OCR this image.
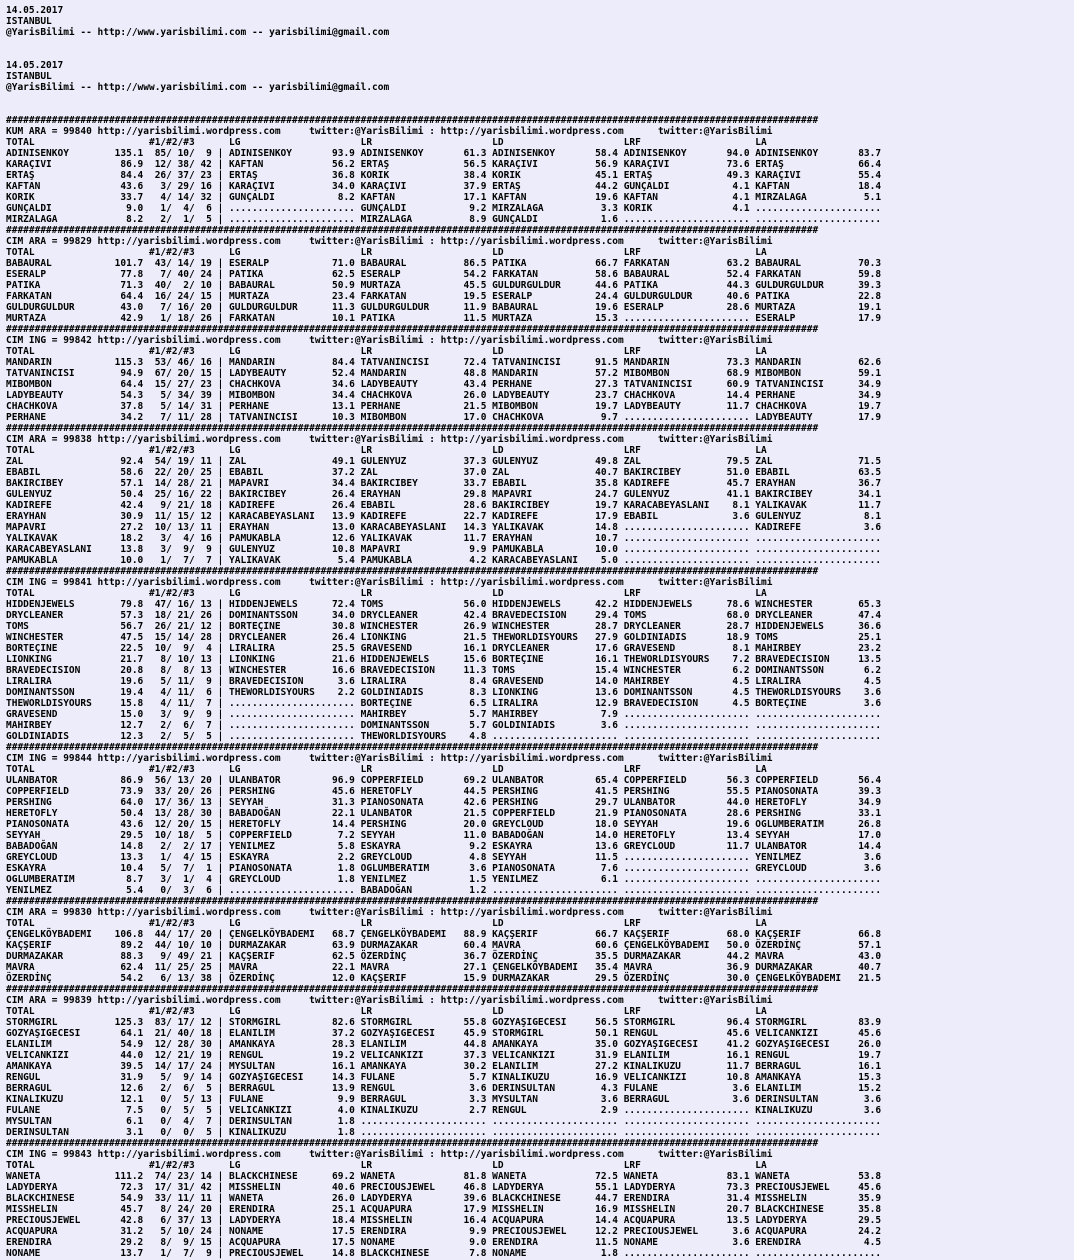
14.05.2017
ISTANBUL
@YarisBilimi -- http://www.yarisbilimi.com -- yarisbilimi@gmail.com
14.05.2017
ISTANBUL
@YarisBilimi -- http://www.yarisbilimi.com -- yarisbilimi@gmail.com
##############################################################################################################################################
KUM ARA = 99840 http://yarisbilimi.wordpress.com     twitter:@YarisBilimi : http://yarisbilimi.wordpress.com      twitter:@YarisBilimi
TOTAL                    #1/#2/#3      LG                     LR                     LD                     LRF                    LA
ADINISENKOY        135.1  85/ 10/  9 | ADINISENKOY       93.9 ADINISENKOY       61.3 ADINISENKOY       58.4 ADINISENKOY       94.0 ADINISENKOY       83.7
KARAÇIVI            86.9  12/ 38/ 42 | KAFTAN            56.2 ERTAŞ             56.5 KARAÇIVI          56.9 KARAÇIVI          73.6 ERTAŞ             66.4
ERTAŞ               84.4  26/ 37/ 23 | ERTAŞ             36.8 KORIK             38.4 KORIK             45.1 ERTAŞ             49.3 KARAÇIVI          55.4
KAFTAN              43.6   3/ 29/ 16 | KARAÇIVI          34.0 KARAÇIVI          37.9 ERTAŞ             44.2 GUNÇALDI           4.1 KAFTAN            18.4
KORIK               33.7   4/ 14/ 32 | GUNÇALDI           8.2 KAFTAN            17.1 KAFTAN            19.6 KAFTAN             4.1 MIRZALAGA          5.1
GUNÇALDI             9.0   1/  4/  6 | ...................... GUNÇALDI           9.2 MIRZALAGA          3.3 KORIK              4.1 ......................
MIRZALAGA            8.2   2/  1/  5 | ...................... MIRZALAGA          8.9 GUNÇALDI           1.6 ...................... ......................
##############################################################################################################################################
CIM ARA = 99829 http://yarisbilimi.wordpress.com     twitter:@YarisBilimi : http://yarisbilimi.wordpress.com      twitter:@YarisBilimi
TOTAL                    #1/#2/#3      LG                     LR                     LD                     LRF                    LA
BABAURAL           101.7  43/ 14/ 19 | ESERALP           71.0 BABAURAL          86.5 PATIKA            66.7 FARKATAN          63.2 BABAURAL          70.3
ESERALP             77.8   7/ 40/ 24 | PATIKA            62.5 ESERALP           54.2 FARKATAN          58.6 BABAURAL          52.4 FARKATAN          59.8
PATIKA              71.3  40/  2/ 10 | BABAURAL          50.9 MURTAZA           45.5 GULDURGULDUR      44.6 PATIKA            44.3 GULDURGULDUR      39.3
FARKATAN            64.4  16/ 24/ 15 | MURTAZA           23.4 FARKATAN          19.5 ESERALP           24.4 GULDURGULDUR      40.6 PATIKA            22.8
GULDURGULDUR        43.0   7/ 16/ 20 | GULDURGULDUR      11.3 GULDURGULDUR      11.9 BABAURAL          19.6 ESERALP           28.6 MURTAZA           19.1
MURTAZA             42.9   1/ 18/ 26 | FARKATAN          10.1 PATIKA            11.5 MURTAZA           15.3 ...................... ESERALP           17.9
##############################################################################################################################################
CIM ING = 99842 http://yarisbilimi.wordpress.com     twitter:@YarisBilimi : http://yarisbilimi.wordpress.com      twitter:@YarisBilimi
TOTAL                    #1/#2/#3      LG                     LR                     LD                     LRF                    LA
MANDARIN           115.3  53/ 46/ 16 | MANDARIN          84.4 TATVANINCISI      72.4 TATVANINCISI      91.5 MANDARIN          73.3 MANDARIN          62.6
TATVANINCISI        94.9  67/ 20/ 15 | LADYBEAUTY        52.4 MANDARIN          48.8 MANDARIN          57.2 MIBOMBON          68.9 MIBOMBON          59.1
MIBOMBON            64.4  15/ 27/ 23 | CHACHKOVA         34.6 LADYBEAUTY        43.4 PERHANE           27.3 TATVANINCISI      60.9 TATVANINCISI      34.9
LADYBEAUTY          54.3   5/ 34/ 39 | MIBOMBON          34.4 CHACHKOVA         26.0 LADYBEAUTY        23.7 CHACHKOVA         14.4 PERHANE           34.9
CHACHKOVA           37.8   5/ 14/ 31 | PERHANE           13.1 PERHANE           21.5 MIBOMBON          19.7 LADYBEAUTY        11.7 CHACHKOVA         19.7
PERHANE             34.2   7/ 11/ 28 | TATVANINCISI      10.3 MIBOMBON          17.0 CHACHKOVA          9.7 ...................... LADYBEAUTY        17.9
##############################################################################################################################################
CIM ARA = 99838 http://yarisbilimi.wordpress.com     twitter:@YarisBilimi : http://yarisbilimi.wordpress.com      twitter:@YarisBilimi
TOTAL                    #1/#2/#3      LG                     LR                     LD                     LRF                    LA
ZAL                 92.4  54/ 19/ 11 | ZAL               49.1 GULENYUZ          37.3 GULENYUZ          49.8 ZAL               79.5 ZAL               71.5
EBABIL              58.6  22/ 20/ 25 | EBABIL            37.2 ZAL               37.0 ZAL               40.7 BAKIRCIBEY        51.0 EBABIL            63.5
BAKIRCIBEY          57.1  14/ 28/ 21 | MAPAVRI           34.4 BAKIRCIBEY        33.7 EBABIL            35.8 KADIREFE          45.7 ERAYHAN           36.7
GULENYUZ            50.4  25/ 16/ 22 | BAKIRCIBEY        26.4 ERAYHAN           29.8 MAPAVRI           24.7 GULENYUZ          41.1 BAKIRCIBEY        34.1
KADIREFE            42.4   9/ 21/ 18 | KADIREFE          26.4 EBABIL            28.6 BAKIRCIBEY        19.7 KARACABEYASLANI    8.1 YALIKAVAK         11.7
ERAYHAN             30.9  11/ 15/ 12 | KARACABEYASLANI   13.9 KADIREFE          22.7 KADIREFE          17.9 EBABIL             3.6 GULENYUZ           8.1
MAPAVRI             27.2  10/ 13/ 11 | ERAYHAN           13.0 KARACABEYASLANI   14.3 YALIKAVAK         14.8 ...................... KADIREFE           3.6
YALIKAVAK           18.2   3/  4/ 16 | PAMUKABLA         12.6 YALIKAVAK         11.7 ERAYHAN           10.7 ...................... ......................
KARACABEYASLANI     13.8   3/  9/  9 | GULENYUZ          10.8 MAPAVRI            9.9 PAMUKABLA         10.0 ...................... ......................
PAMUKABLA           10.0   1/  7/  7 | YALIKAVAK          5.4 PAMUKABLA          4.2 KARACABEYASLANI    5.0 ...................... ......................
##############################################################################################################################################
CIM ING = 99841 http://yarisbilimi.wordpress.com     twitter:@YarisBilimi : http://yarisbilimi.wordpress.com      twitter:@YarisBilimi
TOTAL                    #1/#2/#3      LG                     LR                     LD                     LRF                    LA
HIDDENJEWELS        79.8  47/ 16/ 13 | HIDDENJEWELS      72.4 TOMS              56.0 HIDDENJEWELS      42.2 HIDDENJEWELS      78.6 WINCHESTER        65.3
DRYCLEANER          57.3  18/ 21/ 26 | DOMINANTSSON      34.0 DRYCLEANER        42.4 BRAVEDECISION     29.4 TOMS              68.0 DRYCLEANER        47.4
TOMS                56.7  26/ 21/ 12 | BORTEÇINE         30.8 WINCHESTER        26.9 WINCHESTER        28.7 DRYCLEANER        28.7 HIDDENJEWELS      36.6
WINCHESTER          47.5  15/ 14/ 28 | DRYCLEANER        26.4 LIONKING          21.5 THEWORLDISYOURS   27.9 GOLDINIADIS       18.9 TOMS              25.1
BORTEÇINE           22.5  10/  9/  4 | LIRALIRA          25.5 GRAVESEND         16.1 DRYCLEANER        17.6 GRAVESEND          8.1 MAHIRBEY          23.2
LIONKING            21.7   8/ 10/ 13 | LIONKING          21.6 HIDDENJEWELS      15.6 BORTEÇINE         16.1 THEWORLDISYOURS    7.2 BRAVEDECISION     13.5
BRAVEDECISION       20.8   8/  8/ 13 | WINCHESTER        16.6 BRAVEDECISION     11.3 TOMS              15.4 WINCHESTER         6.2 DOMINANTSSON       6.2
LIRALIRA            19.6   5/ 11/  9 | BRAVEDECISION      3.6 LIRALIRA           8.4 GRAVESEND         14.0 MAHIRBEY           4.5 LIRALIRA           4.5
DOMINANTSSON        19.4   4/ 11/  6 | THEWORLDISYOURS    2.2 GOLDINIADIS        8.3 LIONKING          13.6 DOMINANTSSON       4.5 THEWORLDISYOURS    3.6
THEWORLDISYOURS     15.8   4/ 11/  7 | ...................... BORTEÇINE          6.5 LIRALIRA          12.9 BRAVEDECISION      4.5 BORTEÇINE          3.6
GRAVESEND           15.0   3/  9/  9 | ...................... MAHIRBEY           5.7 MAHIRBEY           7.9 ...................... ......................
MAHIRBEY            12.7   2/  6/  7 | ...................... DOMINANTSSON       5.7 GOLDINIADIS        3.6 ...................... ......................
GOLDINIADIS         12.3   2/  5/  5 | ...................... THEWORLDISYOURS    4.8 ...................... ...................... ......................
##############################################################################################################################################
CIM ING = 99844 http://yarisbilimi.wordpress.com     twitter:@YarisBilimi : http://yarisbilimi.wordpress.com      twitter:@YarisBilimi
TOTAL                    #1/#2/#3      LG                     LR                     LD                     LRF                    LA
ULANBATOR           86.9  56/ 13/ 20 | ULANBATOR         96.9 COPPERFIELD       69.2 ULANBATOR         65.4 COPPERFIELD       56.3 COPPERFIELD       56.4
COPPERFIELD         73.9  33/ 20/ 26 | PERSHING          45.6 HERETOFLY         44.5 PERSHING          41.5 PERSHING          55.5 PIANOSONATA       39.3
PERSHING            64.0  17/ 36/ 13 | SEYYAH            31.3 PIANOSONATA       42.6 PERSHING          29.7 ULANBATOR         44.0 HERETOFLY         34.9
HERETOFLY           50.4  13/ 28/ 30 | BABADOĞAN         22.1 ULANBATOR         21.5 COPPERFIELD       21.9 PIANOSONATA       28.6 PERSHING          33.1
PIANOSONATA         43.6  12/ 20/ 15 | HERETOFLY         14.4 PERSHING          20.0 GREYCLOUD         18.0 SEYYAH            19.6 OGLUMBERATIM      26.8
SEYYAH              29.5  10/ 18/  5 | COPPERFIELD        7.2 SEYYAH            11.0 BABADOĞAN         14.0 HERETOFLY         13.4 SEYYAH            17.0
BABADOĞAN           14.8   2/  2/ 17 | YENILMEZ           5.8 ESKAYRA            9.2 ESKAYRA           13.6 GREYCLOUD         11.7 ULANBATOR         14.4
GREYCLOUD           13.3   1/  4/ 15 | ESKAYRA            2.2 GREYCLOUD          4.8 SEYYAH            11.5 ...................... YENILMEZ           3.6
ESKAYRA             10.4   5/  7/  1 | PIANOSONATA        1.8 OGLUMBERATIM       3.6 PIANOSONATA        7.6 ...................... GREYCLOUD          3.6
OGLUMBERATIM         8.7   3/  1/  4 | GREYCLOUD          1.8 YENILMEZ           1.5 YENILMEZ           6.1 ...................... ......................
YENILMEZ             5.4   0/  3/  6 | ...................... BABADOĞAN          1.2 ...................... ...................... ......................
##############################################################################################################################################
CIM ARA = 99830 http://yarisbilimi.wordpress.com     twitter:@YarisBilimi : http://yarisbilimi.wordpress.com      twitter:@YarisBilimi
TOTAL                    #1/#2/#3      LG                     LR                     LD                     LRF                    LA
ÇENGELKÖYBADEMI    106.8  44/ 17/ 20 | ÇENGELKÖYBADEMI   68.7 ÇENGELKÖYBADEMI   88.9 KAÇŞERIF          66.7 KAÇŞERIF          68.0 KAÇŞERIF          66.8
KAÇŞERIF            89.2  44/ 10/ 10 | DURMAZAKAR        63.9 DURMAZAKAR        60.4 MAVRA             60.6 ÇENGELKÖYBADEMI   50.0 ÖZERDİNÇ          57.1
DURMAZAKAR          88.3   9/ 49/ 21 | KAÇŞERIF          62.5 ÖZERDİNÇ          36.7 ÖZERDİNÇ          35.5 DURMAZAKAR        44.2 MAVRA             43.0
MAVRA               62.4  11/ 25/ 25 | MAVRA             22.1 MAVRA             27.1 ÇENGELKÖYBADEMI   35.4 MAVRA             36.9 DURMAZAKAR        40.7
ÖZERDİNÇ            54.2   6/ 13/ 38 | ÖZERDİNÇ          12.0 KAÇŞERIF          15.9 DURMAZAKAR        29.5 ÖZERDİNÇ          30.0 ÇENGELKÖYBADEMI   21.5
##############################################################################################################################################
CIM ARA = 99839 http://yarisbilimi.wordpress.com     twitter:@YarisBilimi : http://yarisbilimi.wordpress.com      twitter:@YarisBilimi
TOTAL                    #1/#2/#3      LG                     LR                     LD                     LRF                    LA
STORMGIRL          125.3  83/ 17/ 12 | STORMGIRL         82.6 STORMGIRL         55.8 GOZYAŞIGECESI     56.5 STORMGIRL         96.4 STORMGIRL         83.9
GOZYAŞIGECESI       64.1  21/ 40/ 18 | ELANILIM          37.2 GOZYAŞIGECESI     45.9 STORMGIRL         50.1 RENGUL            45.6 VELICANKIZI       45.6
ELANILIM            54.9  12/ 28/ 30 | AMANKAYA          28.3 ELANILIM          44.8 AMANKAYA          35.0 GOZYAŞIGECESI     41.2 GOZYAŞIGECESI     26.0
VELICANKIZI         44.0  12/ 21/ 19 | RENGUL            19.2 VELICANKIZI       37.3 VELICANKIZI       31.9 ELANILIM          16.1 RENGUL            19.7
AMANKAYA            39.5  14/ 17/ 24 | MYSULTAN          16.1 AMANKAYA          30.2 ELANILIM          27.2 KINALIKUZU        11.7 BERRAGUL          16.1
RENGUL              31.9   5/  9/ 14 | GOZYAŞIGECESI     14.3 FULANE             5.7 KINALIKUZU        16.9 VELICANKIZI       10.8 AMANKAYA          15.3
BERRAGUL            12.6   2/  6/  5 | BERRAGUL          13.9 RENGUL             3.6 DERINSULTAN        4.3 FULANE             3.6 ELANILIM          15.2
KINALIKUZU          12.1   0/  5/ 13 | FULANE             9.9 BERRAGUL           3.3 MYSULTAN           3.6 BERRAGUL           3.6 DERINSULTAN        3.6
FULANE               7.5   0/  5/  5 | VELICANKIZI        4.0 KINALIKUZU         2.7 RENGUL             2.9 ...................... KINALIKUZU         3.6
MYSULTAN             6.1   0/  4/  7 | DERINSULTAN        1.8 ...................... ...................... ...................... ......................
DERINSULTAN          3.1   0/  0/  5 | KINALIKUZU         1.8 ...................... ...................... ...................... ......................
##############################################################################################################################################
CIM ING = 99843 http://yarisbilimi.wordpress.com     twitter:@YarisBilimi : http://yarisbilimi.wordpress.com      twitter:@YarisBilimi
TOTAL                    #1/#2/#3      LG                     LR                     LD                     LRF                    LA
WANETA             111.2  74/ 23/ 14 | BLACKCHINESE      69.2 WANETA            81.8 WANETA            72.5 WANETA            83.1 WANETA            53.8
LADYDERYA           72.3  17/ 31/ 42 | MISSHELIN         40.6 PRECIOUSJEWEL     46.8 LADYDERYA         55.1 LADYDERYA         73.3 PRECIOUSJEWEL     45.6
BLACKCHINESE        54.9  33/ 11/ 11 | WANETA            26.0 LADYDERYA         39.6 BLACKCHINESE      44.7 ERENDIRA          31.4 MISSHELIN         35.9
MISSHELIN           45.7   8/ 24/ 20 | ERENDIRA          25.1 ACQUAPURA         17.9 MISSHELIN         16.9 MISSHELIN         20.7 BLACKCHINESE      35.8
PRECIOUSJEWEL       42.8   6/ 37/ 13 | LADYDERYA         18.4 MISSHELIN         16.4 ACQUAPURA         14.4 ACQUAPURA         13.5 LADYDERYA         29.5
ACQUAPURA           31.2   5/ 10/ 24 | NONAME            17.5 ERENDIRA           9.9 PRECIOUSJEWEL     12.2 PRECIOUSJEWEL      3.6 ACQUAPURA         24.2
ERENDIRA            29.2   8/  9/ 15 | ACQUAPURA         17.5 NONAME             9.0 ERENDIRA          11.5 NONAME             3.6 ERENDIRA           4.5
NONAME              13.7   1/  7/  9 | PRECIOUSJEWEL     14.8 BLACKCHINESE       7.8 NONAME             1.8 ...................... ......................
